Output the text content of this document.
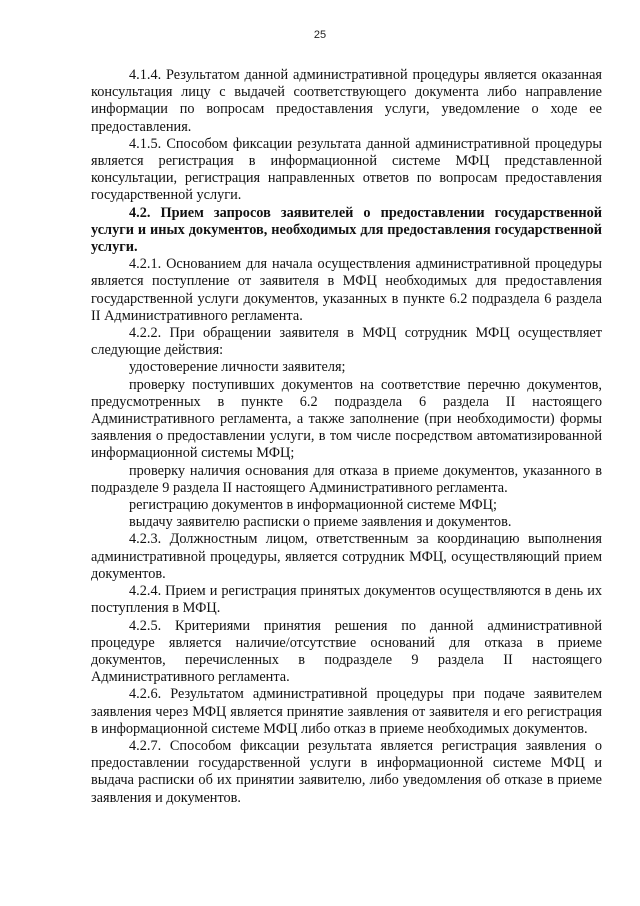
25

4.1.4. Результатом данной административной процедуры является оказанная консультация лицу с выдачей соответствующего документа либо направление информации по вопросам предоставления услуги, уведомление о ходе ее предоставления.

4.1.5. Способом фиксации результата данной административной процедуры является регистрация в информационной системе МФЦ представленной консультации, регистрация направленных ответов по вопросам предоставления государственной услуги.

4.2. Прием запросов заявителей о предоставлении государственной услуги и иных документов, необходимых для предоставления государственной услуги.

4.2.1. Основанием для начала осуществления административной процедуры является поступление от заявителя в МФЦ необходимых для предоставления государственной услуги документов, указанных в пункте 6.2 подраздела 6 раздела II Административного регламента.

4.2.2. При обращении заявителя в МФЦ сотрудник МФЦ осуществляет следующие действия:

удостоверение личности заявителя;

проверку поступивших документов на соответствие перечню документов, предусмотренных в пункте 6.2 подраздела 6 раздела II настоящего Административного регламента, а также заполнение (при необходимости) формы заявления о предоставлении услуги, в том числе посредством автоматизированной информационной системы МФЦ;

проверку наличия основания для отказа в приеме документов, указанного в подразделе 9 раздела II настоящего Административного регламента.

регистрацию документов в информационной системе МФЦ;

выдачу заявителю расписки о приеме заявления и документов.

4.2.3. Должностным лицом, ответственным за координацию выполнения административной процедуры, является сотрудник МФЦ, осуществляющий прием документов.

4.2.4. Прием и регистрация принятых документов осуществляются в день их поступления в МФЦ.

4.2.5. Критериями принятия решения по данной административной процедуре является наличие/отсутствие оснований для отказа в приеме документов, перечисленных в подразделе 9 раздела II настоящего Административного регламента.

4.2.6. Результатом административной процедуры при подаче заявителем заявления через МФЦ является принятие заявления от заявителя и его регистрация в информационной системе МФЦ либо отказ в приеме необходимых документов.

4.2.7. Способом фиксации результата является регистрация заявления о предоставлении государственной услуги в информационной системе МФЦ и выдача расписки об их принятии заявителю, либо уведомления об отказе в приеме заявления и документов.
